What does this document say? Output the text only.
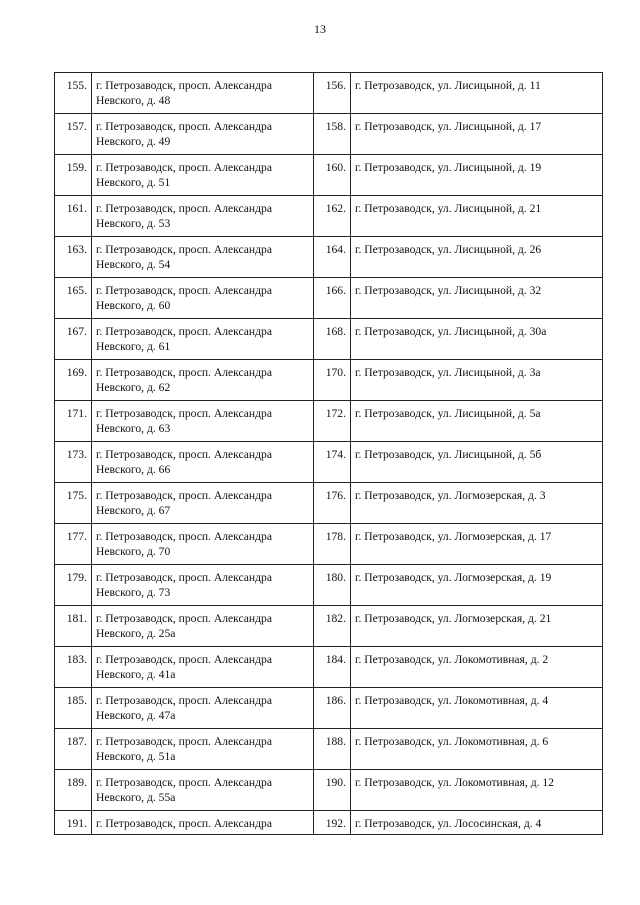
13
155.	г. Петрозаводск, просп. Александра Невского, д. 48	156.	г. Петрозаводск, ул. Лисицыной, д. 11
157.	г. Петрозаводск, просп. Александра Невского, д. 49	158.	г. Петрозаводск, ул. Лисицыной, д. 17
159.	г. Петрозаводск, просп. Александра Невского, д. 51	160.	г. Петрозаводск, ул. Лисицыной, д. 19
161.	г. Петрозаводск, просп. Александра Невского, д. 53	162.	г. Петрозаводск, ул. Лисицыной, д. 21
163.	г. Петрозаводск, просп. Александра Невского, д. 54	164.	г. Петрозаводск, ул. Лисицыной, д. 26
165.	г. Петрозаводск, просп. Александра Невского, д. 60	166.	г. Петрозаводск, ул. Лисицыной, д. 32
167.	г. Петрозаводск, просп. Александра Невского, д. 61	168.	г. Петрозаводск, ул. Лисицыной, д. 30а
169.	г. Петрозаводск, просп. Александра Невского, д. 62	170.	г. Петрозаводск, ул. Лисицыной, д. 3а
171.	г. Петрозаводск, просп. Александра Невского, д. 63	172.	г. Петрозаводск, ул. Лисицыной, д. 5а
173.	г. Петрозаводск, просп. Александра Невского, д. 66	174.	г. Петрозаводск, ул. Лисицыной, д. 5б
175.	г. Петрозаводск, просп. Александра Невского, д. 67	176.	г. Петрозаводск, ул. Логмозерская, д. 3
177.	г. Петрозаводск, просп. Александра Невского, д. 70	178.	г. Петрозаводск, ул. Логмозерская, д. 17
179.	г. Петрозаводск, просп. Александра Невского, д. 73	180.	г. Петрозаводск, ул. Логмозерская, д. 19
181.	г. Петрозаводск, просп. Александра Невского, д. 25а	182.	г. Петрозаводск, ул. Логмозерская, д. 21
183.	г. Петрозаводск, просп. Александра Невского, д. 41а	184.	г. Петрозаводск, ул. Локомотивная, д. 2
185.	г. Петрозаводск, просп. Александра Невского, д. 47а	186.	г. Петрозаводск, ул. Локомотивная, д. 4
187.	г. Петрозаводск, просп. Александра Невского, д. 51а	188.	г. Петрозаводск, ул. Локомотивная, д. 6
189.	г. Петрозаводск, просп. Александра Невского, д. 55а	190.	г. Петрозаводск, ул. Локомотивная, д. 12
191.	г. Петрозаводск, просп. Александра	192.	г. Петрозаводск, ул. Лососинская, д. 4
